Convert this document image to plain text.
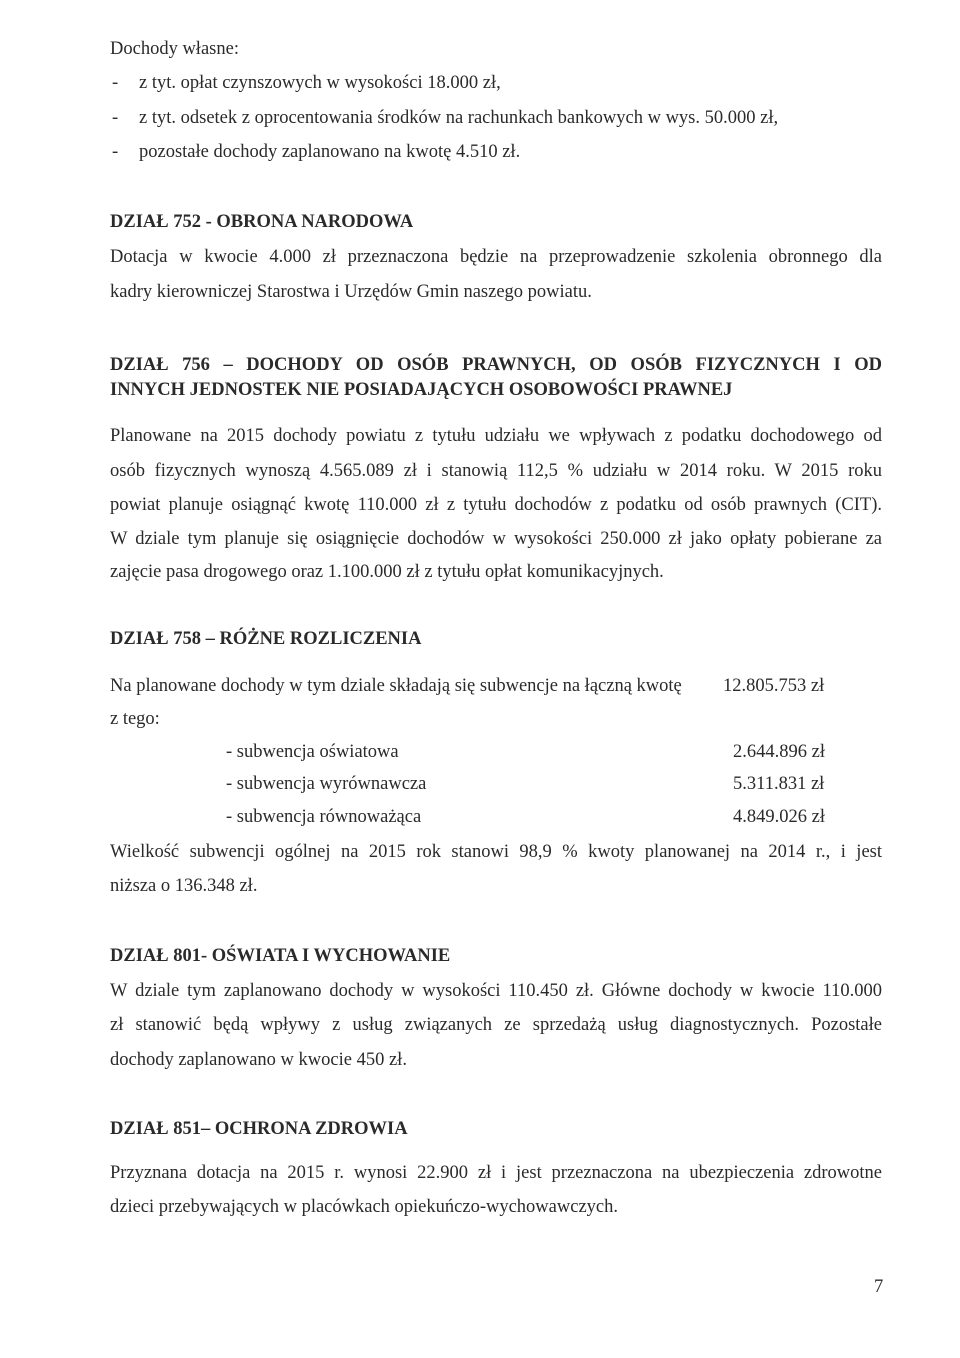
Dochody własne:
- z tyt. opłat czynszowych w wysokości 18.000 zł,
- z tyt. odsetek z oprocentowania środków na rachunkach bankowych w wys. 50.000 zł,
- pozostałe dochody zaplanowano na kwotę 4.510 zł.
DZIAŁ 752 - OBRONA NARODOWA
Dotacja w kwocie 4.000 zł przeznaczona będzie na przeprowadzenie szkolenia obronnego dla
kadry kierowniczej Starostwa i Urzędów Gmin naszego powiatu.
DZIAŁ 756 – DOCHODY OD OSÓB PRAWNYCH, OD OSÓB FIZYCZNYCH I OD
INNYCH JEDNOSTEK NIE POSIADAJĄCYCH OSOBOWOŚCI PRAWNEJ
Planowane na 2015 dochody powiatu z tytułu udziału we wpływach z podatku dochodowego od
osób fizycznych wynoszą 4.565.089 zł i stanowią 112,5 % udziału w 2014 roku. W 2015 roku
powiat planuje osiągnąć kwotę 110.000 zł z tytułu dochodów z podatku od osób prawnych (CIT).
W dziale tym planuje się osiągnięcie dochodów w wysokości 250.000 zł jako opłaty pobierane za
zajęcie pasa drogowego oraz 1.100.000 zł z tytułu opłat komunikacyjnych.
DZIAŁ 758 – RÓŻNE ROZLICZENIA
Na planowane dochody w tym dziale składają się subwencje na łączną kwotę 12.805.753 zł
z tego:
- subwencja oświatowa	2.644.896 zł
- subwencja wyrównawcza	5.311.831 zł
- subwencja równoważąca	4.849.026 zł
Wielkość subwencji ogólnej na 2015 rok stanowi 98,9 % kwoty planowanej na 2014 r., i jest
niższa o 136.348 zł.
DZIAŁ 801- OŚWIATA I WYCHOWANIE
W dziale tym zaplanowano dochody w wysokości 110.450 zł. Główne dochody w kwocie 110.000
zł stanowić będą wpływy z usług związanych ze sprzedażą usług diagnostycznych. Pozostałe
dochody zaplanowano w kwocie 450 zł.
DZIAŁ 851– OCHRONA ZDROWIA
Przyznana dotacja na 2015 r. wynosi 22.900 zł i jest przeznaczona na ubezpieczenia zdrowotne
dzieci przebywających w placówkach opiekuńczo-wychowawczych.
7
